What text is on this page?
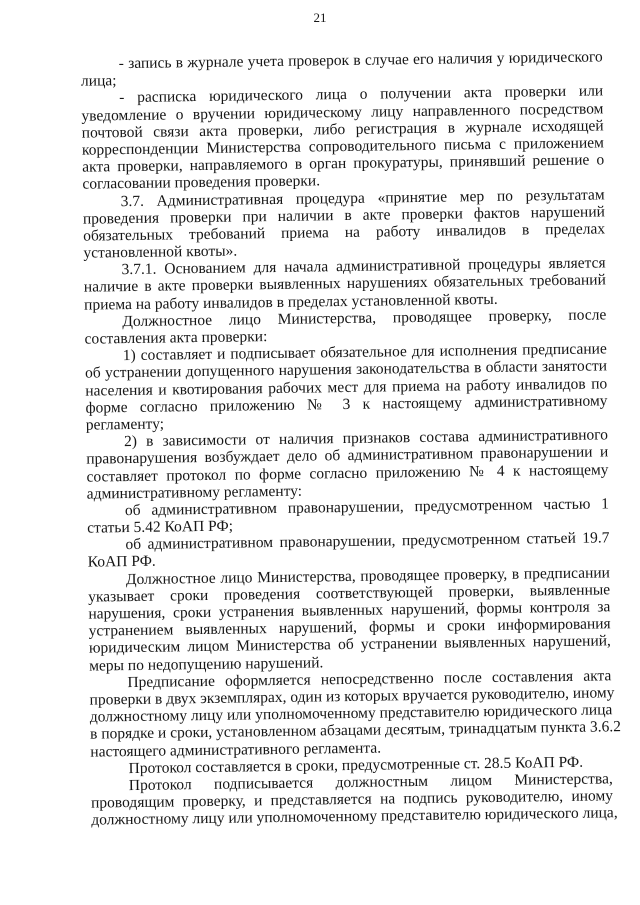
21
- запись в журнале учета проверок в случае его наличия у юридического
лица;
- расписка юридического лица о получении акта проверки или
уведомление о вручении юридическому лицу направленного посредством
почтовой связи акта проверки, либо регистрация в журнале исходящей
корреспонденции Министерства сопроводительного письма с приложением
акта проверки, направляемого в орган прокуратуры, принявший решение о
согласовании проведения проверки.
3.7. Административная процедура «принятие мер по результатам
проведения проверки при наличии в акте проверки фактов нарушений
обязательных требований приема на работу инвалидов в пределах
установленной квоты».
3.7.1. Основанием для начала административной процедуры является
наличие в акте проверки выявленных нарушениях обязательных требований
приема на работу инвалидов в пределах установленной квоты.
Должностное лицо Министерства, проводящее проверку, после
составления акта проверки:
1) составляет и подписывает обязательное для исполнения предписание
об устранении допущенного нарушения законодательства в области занятости
населения и квотирования рабочих мест для приема на работу инвалидов по
форме согласно приложению № 3 к настоящему административному
регламенту;
2) в зависимости от наличия признаков состава административного
правонарушения возбуждает дело об административном правонарушении и
составляет протокол по форме согласно приложению № 4 к настоящему
административному регламенту:
об административном правонарушении, предусмотренном частью 1
статьи 5.42 КоАП РФ;
об административном правонарушении, предусмотренном статьей 19.7
КоАП РФ.
Должностное лицо Министерства, проводящее проверку, в предписании
указывает сроки проведения соответствующей проверки, выявленные
нарушения, сроки устранения выявленных нарушений, формы контроля за
устранением выявленных нарушений, формы и сроки информирования
юридическим лицом Министерства об устранении выявленных нарушений,
меры по недопущению нарушений.
Предписание оформляется непосредственно после составления акта
проверки в двух экземплярах, один из которых вручается руководителю, иному
должностному лицу или уполномоченному представителю юридического лица
в порядке и сроки, установленном абзацами десятым, тринадцатым пункта 3.6.2
настоящего административного регламента.
Протокол составляется в сроки, предусмотренные ст. 28.5 КоАП РФ.
Протокол подписывается должностным лицом Министерства,
проводящим проверку, и представляется на подпись руководителю, иному
должностному лицу или уполномоченному представителю юридического лица,
